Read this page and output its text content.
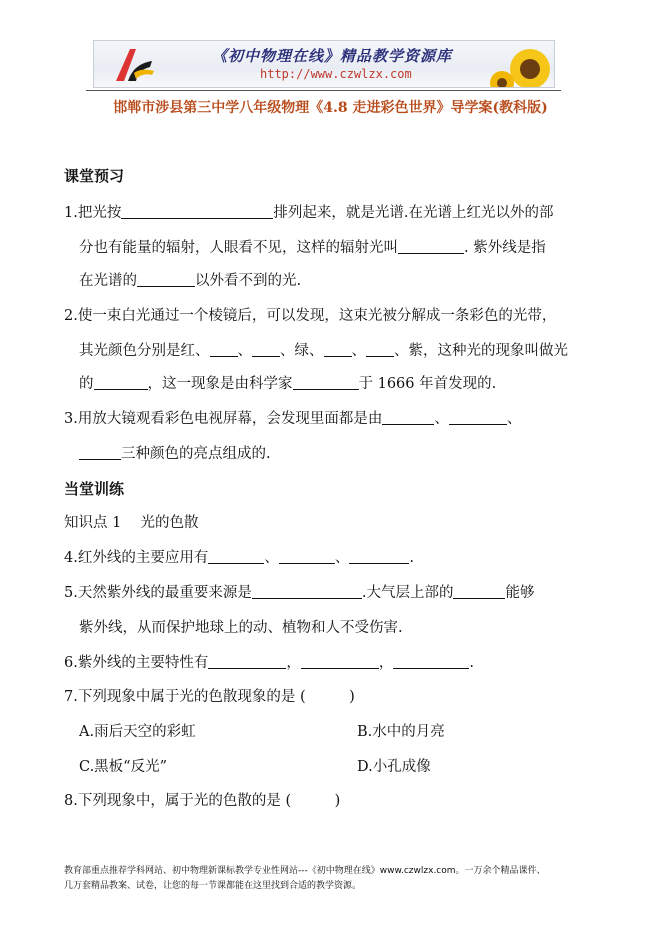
《初中物理在线》精品教学资源库
http://www.czwlzx.com
邯郸市涉县第三中学八年级物理《4.8 走进彩色世界》导学案(教科版)
课堂预习
1.把光按	排列起来，就是光谱.在光谱上红光以外的部
分也有能量的辐射，人眼看不见，这样的辐射光叫	. 紫外线是指
在光谱的	以外看不到的光.
2.使一束白光通过一个棱镜后，可以发现，这束光被分解成一条彩色的光带，
其光颜色分别是红、 、 、绿、 、 、紫，这种光的现象叫做光
的	，这一现象是由科学家	于 1666 年首发现的.
3.用放大镜观看彩色电视屏幕，会发现里面都是由	、	、
三种颜色的亮点组成的.
当堂训练
知识点 1　 光的色散
4.红外线的主要应用有	、	、	.
5.天然紫外线的最重要来源是	.大气层上部的	能够
紫外线，从而保护地球上的动、植物和人不受伤害.
6.紫外线的主要特性有	，	，	.
7.下列现象中属于光的色散现象的是 (　　　)
A.雨后天空的彩虹	B.水中的月亮
C.黑板“反光”	D.小孔成像
8.下列现象中，属于光的色散的是 (　　　)
教育部重点推荐学科网站、初中物理新课标教学专业性网站---《初中物理在线》www.czwlzx.com。一万余个精品课件、
几万套精品教案、试卷，让您的每一节课都能在这里找到合适的教学资源。
